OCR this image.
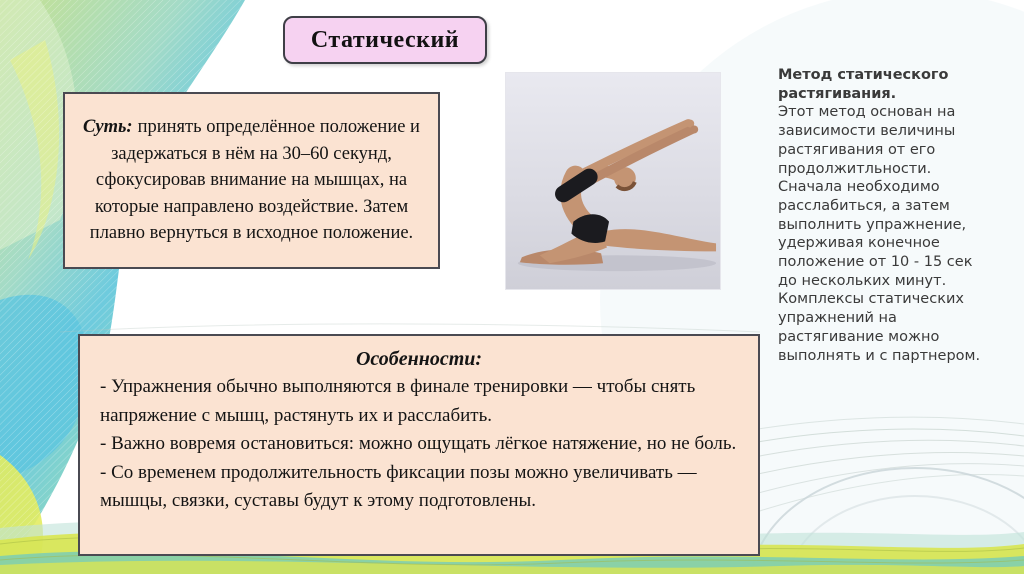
Статический
Суть: принять определённое положение и задержаться в нём на 30–60 секунд, сфокусировав внимание на мышцах, на которые направлено воздействие. Затем плавно вернуться в исходное положение.
Метод статического растягивания.
Этот метод основан на зависимости величины растягивания от его продолжитльности. Сначала необходимо расслабиться, а затем выполнить упражнение, удерживая конечное положение от 10 - 15 сек до нескольких минут. Комплексы статических упражнений на растягивание можно выполнять и с партнером.
Особенности:
- Упражнения обычно выполняются в финале тренировки — чтобы снять напряжение с мышц, растянуть их и расслабить.
- Важно вовремя остановиться: можно ощущать лёгкое натяжение, но не боль.
- Со временем продолжительность фиксации позы можно увеличивать — мышцы, связки, суставы будут к этому подготовлены.
